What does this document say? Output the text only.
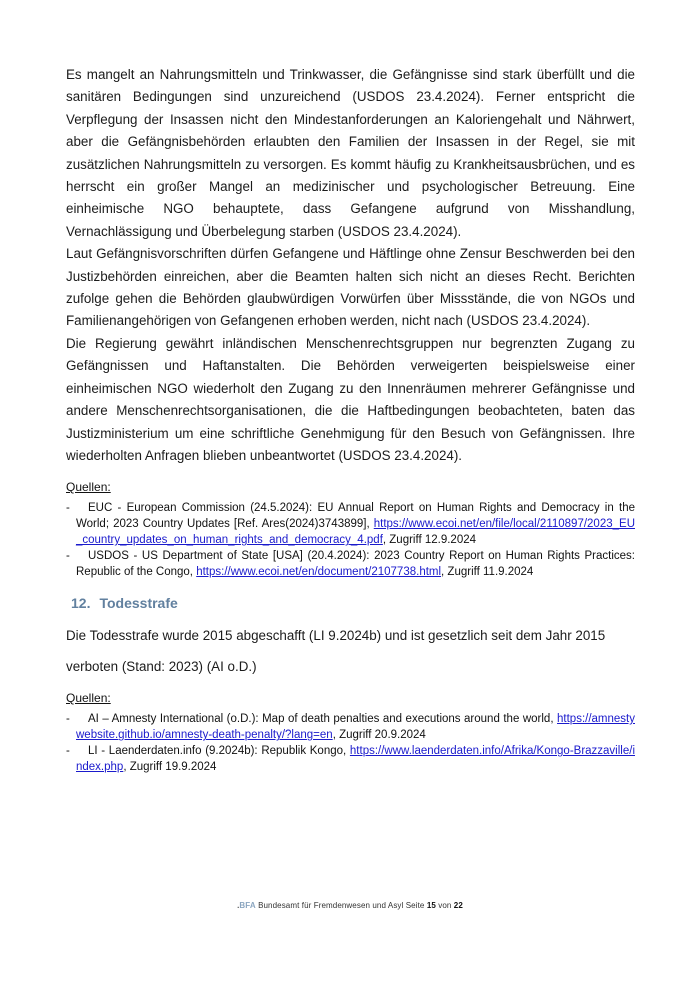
Es mangelt an Nahrungsmitteln und Trinkwasser, die Gefängnisse sind stark überfüllt und die sanitären Bedingungen sind unzureichend (USDOS 23.4.2024). Ferner entspricht die Verpflegung der Insassen nicht den Mindestanforderungen an Kaloriengehalt und Nährwert, aber die Gefängnisbehörden erlaubten den Familien der Insassen in der Regel, sie mit zusätzlichen Nahrungsmitteln zu versorgen. Es kommt häufig zu Krankheitsausbrüchen, und es herrscht ein großer Mangel an medizinischer und psychologischer Betreuung. Eine einheimische NGO behauptete, dass Gefangene aufgrund von Misshandlung, Vernachlässigung und Überbelegung starben (USDOS 23.4.2024).

Laut Gefängnisvorschriften dürfen Gefangene und Häftlinge ohne Zensur Beschwerden bei den Justizbehörden einreichen, aber die Beamten halten sich nicht an dieses Recht. Berichten zufolge gehen die Behörden glaubwürdigen Vorwürfen über Missstände, die von NGOs und Familienangehörigen von Gefangenen erhoben werden, nicht nach (USDOS 23.4.2024).

Die Regierung gewährt inländischen Menschenrechtsgruppen nur begrenzten Zugang zu Gefängnissen und Haftanstalten. Die Behörden verweigerten beispielsweise einer einheimischen NGO wiederholt den Zugang zu den Innenräumen mehrerer Gefängnisse und andere Menschenrechtsorganisationen, die die Haftbedingungen beobachteten, baten das Justizministerium um eine schriftliche Genehmigung für den Besuch von Gefängnissen. Ihre wiederholten Anfragen blieben unbeantwortet (USDOS 23.4.2024).

Quellen:
- EUC - European Commission (24.5.2024): EU Annual Report on Human Rights and Democracy in the World; 2023 Country Updates [Ref. Ares(2024)3743899], https://www.ecoi.net/en/file/local/2110897/2023_EU_country_updates_on_human_rights_and_democracy_4.pdf, Zugriff 12.9.2024
- USDOS - US Department of State [USA] (20.4.2024): 2023 Country Report on Human Rights Practices: Republic of the Congo, https://www.ecoi.net/en/document/2107738.html, Zugriff 11.9.2024
12. Todesstrafe

Die Todesstrafe wurde 2015 abgeschafft (LI 9.2024b) und ist gesetzlich seit dem Jahr 2015 verboten (Stand: 2023) (AI o.D.)

Quellen:
- AI – Amnesty International (o.D.): Map of death penalties and executions around the world, https://amnestywebsite.github.io/amnesty-death-penalty/?lang=en, Zugriff 20.9.2024
- LI - Laenderdaten.info (9.2024b): Republik Kongo, https://www.laenderdaten.info/Afrika/Kongo-Brazzaville/index.php, Zugriff 19.9.2024
.BFA Bundesamt für Fremdenwesen und Asyl Seite 15 von 22
